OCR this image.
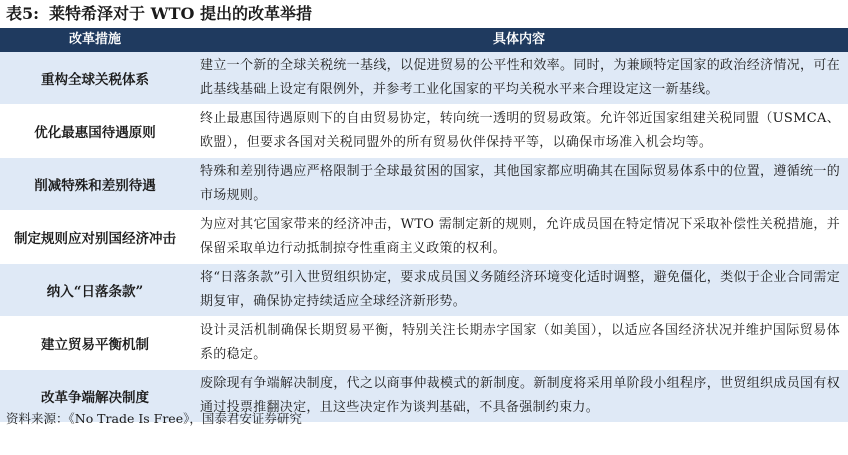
表5: 莱特希泽对于 WTO 提出的改革举措
改革措施	具体内容
重构全球关税体系	建立一个新的全球关税统一基线，以促进贸易的公平性和效率。同时，为兼顾特定国家的政治经济情况，可在此基线基础上设定有限例外，并参考工业化国家的平均关税水平来合理设定这一新基线。
优化最惠国待遇原则	终止最惠国待遇原则下的自由贸易协定，转向统一透明的贸易政策。允许邻近国家组建关税同盟（USMCA、欧盟），但要求各国对关税同盟外的所有贸易伙伴保持平等，以确保市场准入机会均等。
削减特殊和差别待遇	特殊和差别待遇应严格限制于全球最贫困的国家，其他国家都应明确其在国际贸易体系中的位置，遵循统一的市场规则。
制定规则应对别国经济冲击	为应对其它国家带来的经济冲击，WTO 需制定新的规则，允许成员国在特定情况下采取补偿性关税措施，并保留采取单边行动抵制掠夺性重商主义政策的权利。
纳入“日落条款”	将“日落条款”引入世贸组织协定，要求成员国义务随经济环境变化适时调整，避免僵化，类似于企业合同需定期复审，确保协定持续适应全球经济新形势。
建立贸易平衡机制	设计灵活机制确保长期贸易平衡，特别关注长期赤字国家（如美国），以适应各国经济状况并维护国际贸易体系的稳定。
改革争端解决制度	废除现有争端解决制度，代之以商事仲裁模式的新制度。新制度将采用单阶段小组程序，世贸组织成员国有权通过投票推翻决定，且这些决定作为谈判基础，不具备强制约束力。
资料来源：《No Trade Is Free》，国泰君安证券研究
